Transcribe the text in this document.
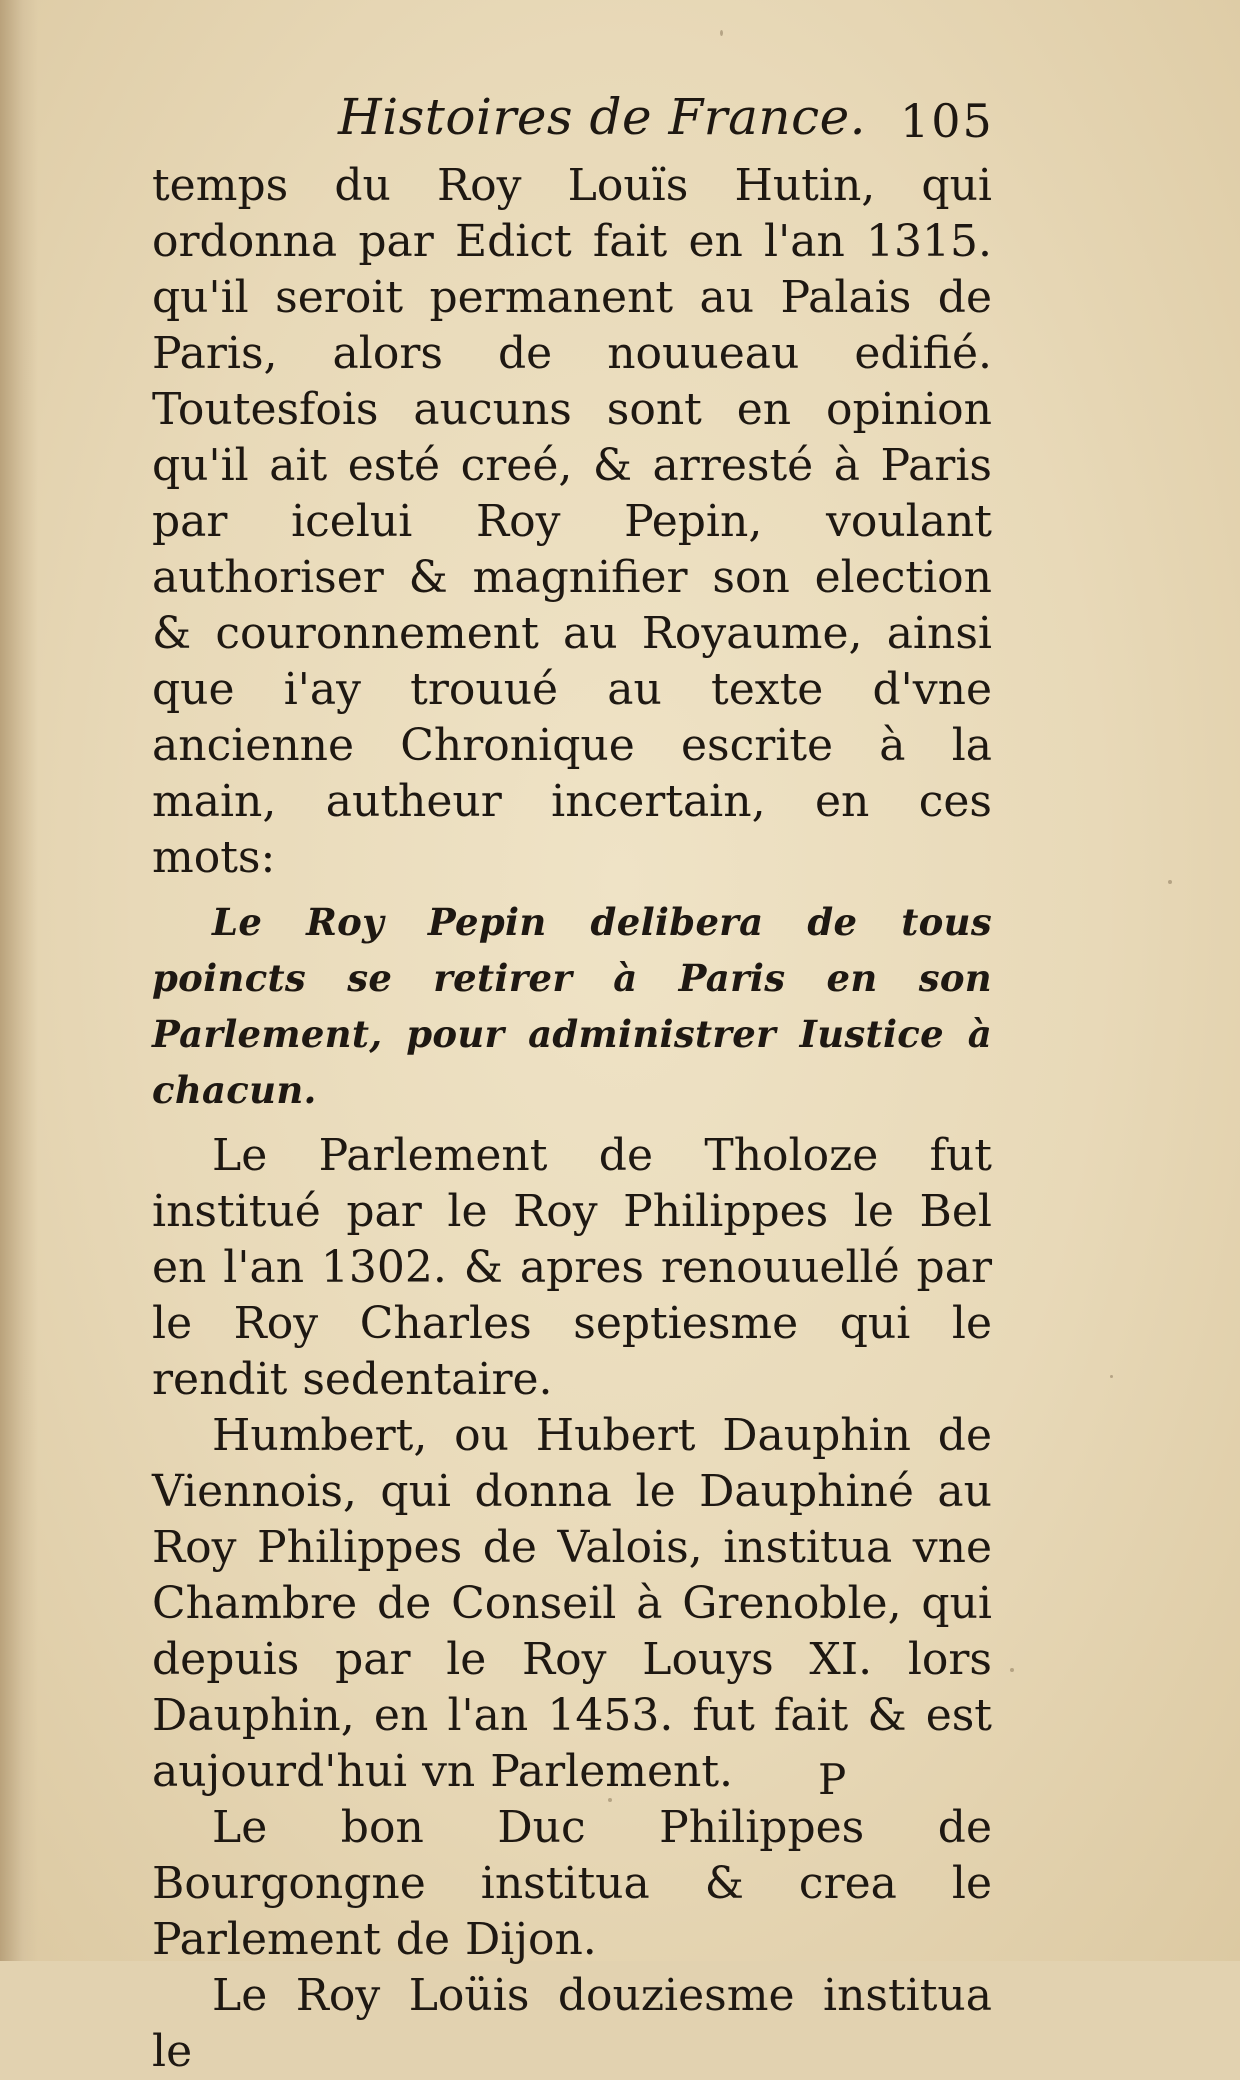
Histoires de France. 105

temps du Roy Louïs Hutin, qui ordonna par Edict fait en l'an 1315. qu'il seroit permanent au Palais de Paris, alors de nouueau edifié. Toutesfois aucuns sont en opinion qu'il ait esté creé, & arresté à Paris par icelui Roy Pepin, voulant authoriser & magnifier son election & couronnement au Royaume, ainsi que i'ay trouué au texte d'vne ancienne Chronique escrite à la main, autheur incertain, en ces mots:

Le Roy Pepin delibera de tous poincts se retirer à Paris en son Parlement, pour administrer Iustice à chacun.

Le Parlement de Tholoze fut institué par le Roy Philippes le Bel en l'an 1302. & apres renouuellé par le Roy Charles septiesme qui le rendit sedentaire.

Humbert, ou Hubert Dauphin de Viennois, qui donna le Dauphiné au Roy Philippes de Valois, institua vne Chambre de Conseil à Grenoble, qui depuis par le Roy Louys XI. lors Dauphin, en l'an 1453. fut fait & est aujourd'hui vn Parlement.

Le bon Duc Philippes de Bourgongne institua & crea le Parlement de Dijon.

Le Roy Loüis douziesme institua le

P
